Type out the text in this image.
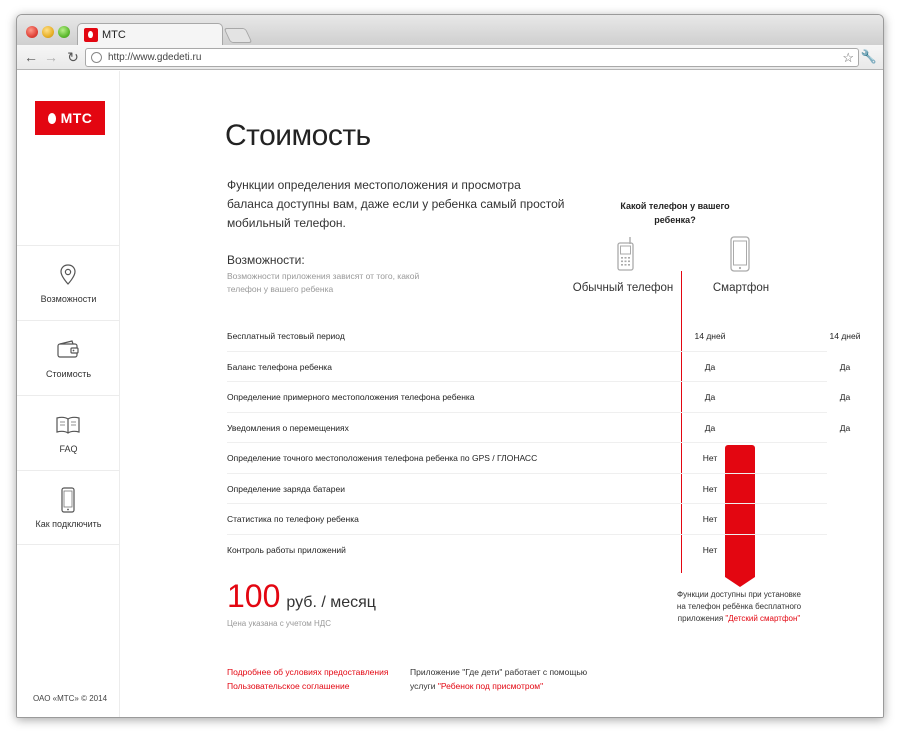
МТС
← → ↻	http://www.gdedeti.ru	☆ 🔧
МТС
Возможности
Стоимость
FAQ
Как подключить
ОАО «МТС» © 2014
Стоимость
Функции определения местоположения и просмотра баланса доступны вам, даже если у ребенка самый простой мобильный телефон.
Какой телефон у вашего ребенка?
Возможности:
Возможности приложения зависят от того, какой телефон у вашего ребенка	Обычный телефон	Смартфон
Бесплатный тестовый период	14 дней	14 дней
Баланс телефона ребенка	Да	Да
Определение примерного местоположения телефона ребенка	Да	Да
Уведомления о перемещениях	Да	Да
Определение точного местоположения телефона ребенка по GPS / ГЛОНАСС	Нет	Да
Определение заряда батареи	Нет	Да
Статистика по телефону ребенка	Нет	Да
Контроль работы приложений	Нет	Да
Функции доступны при установке на телефон ребёнка бесплатного приложения "Детский смартфон"
100 руб. / месяц
Цена указана с учетом НДС
Подробнее об условиях предоставления
Пользовательское соглашение
Приложение "Где дети" работает с помощью услуги "Ребенок под присмотром"
